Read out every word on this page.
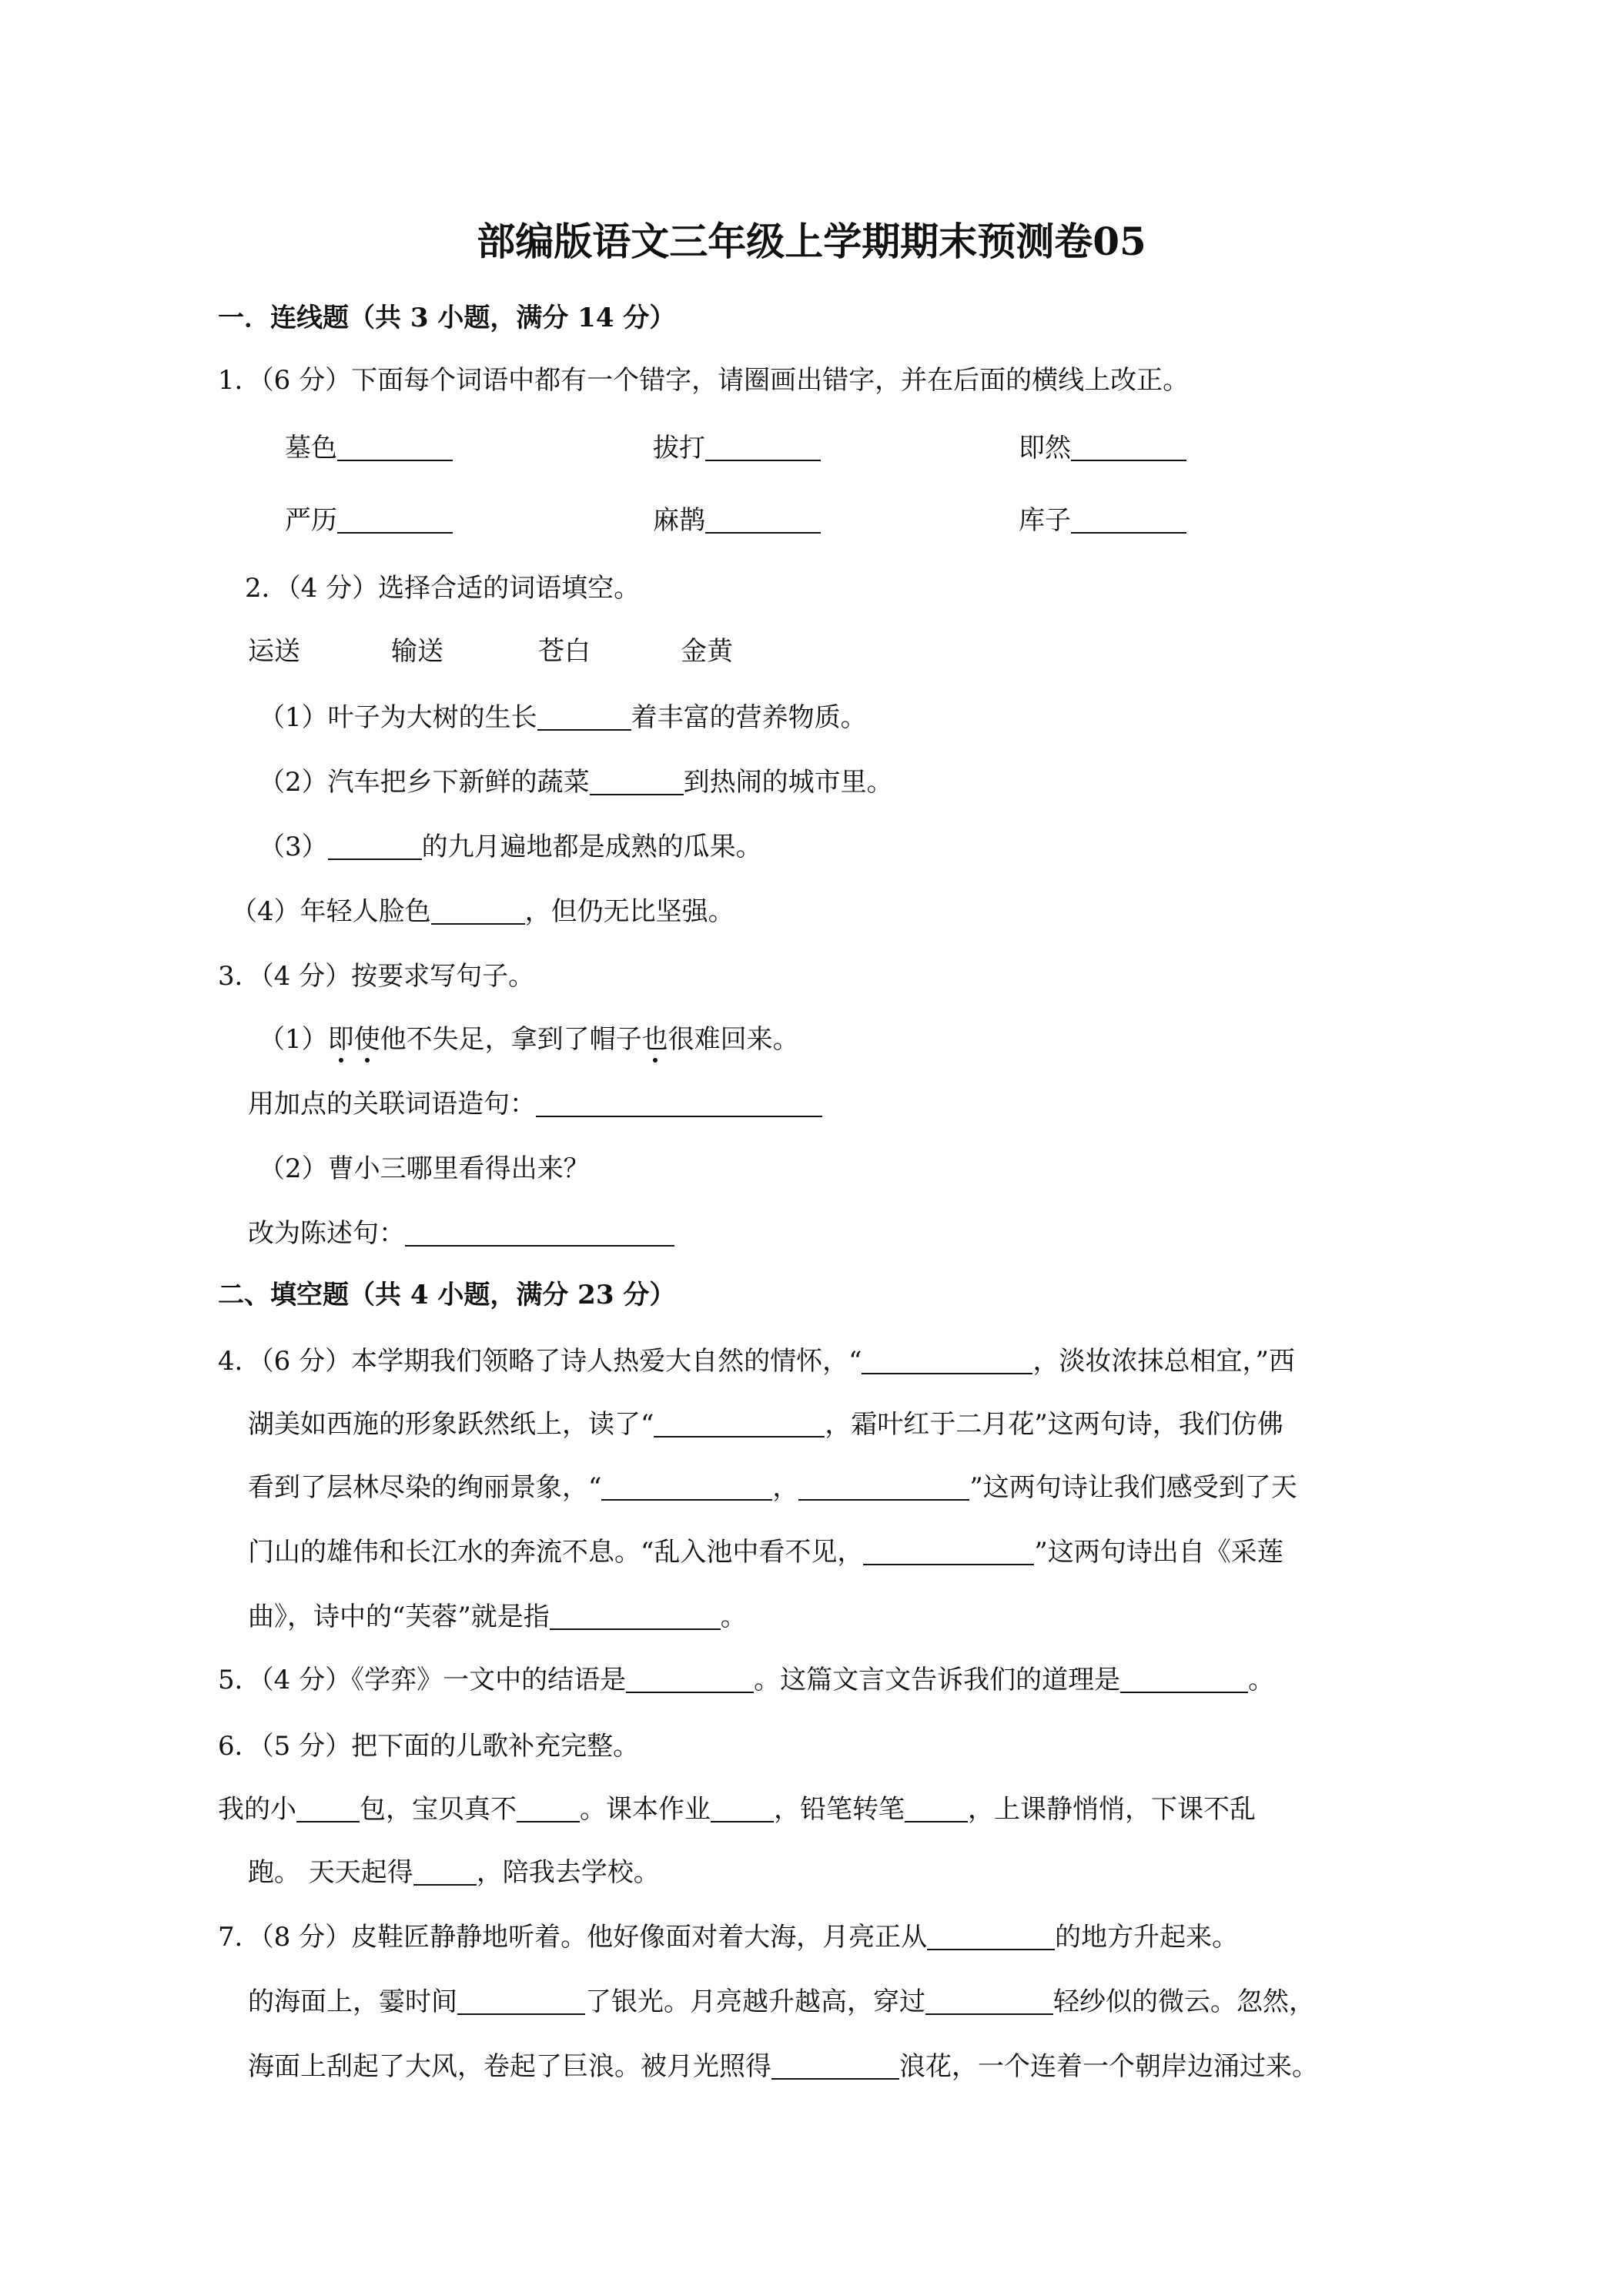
部编版语文三年级上学期期末预测卷05
一．连线题（共 3 小题，满分 14 分）
1．（6 分）下面每个词语中都有一个错字，请圈画出错字，并在后面的横线上改正。
墓色	拔打	即然
严历	麻鹊	库子
2．（4 分）选择合适的词语填空。
运送	输送	苍白	金黄
（1）叶子为大树的生长	着丰富的营养物质。
（2）汽车把乡下新鲜的蔬菜	到热闹的城市里。
（3）	的九月遍地都是成熟的瓜果。
（4）年轻人脸色	，但仍无比坚强。
3．（4 分）按要求写句子。
（1）即使他不失足，拿到了帽子也很难回来。
用加点的关联词语造句：
（2）曹小三哪里看得出来？
改为陈述句：
二、填空题（共 4 小题，满分 23 分）
4．（6 分）本学期我们领略了诗人热爱大自然的情怀，“	，淡妆浓抹总相宜，”西
湖美如西施的形象跃然纸上，读了“	，霜叶红于二月花”这两句诗，我们仿佛
看到了层林尽染的绚丽景象，“	，	”这两句诗让我们感受到了天
门山的雄伟和长江水的奔流不息。“乱入池中看不见，	”这两句诗出自《采莲
曲》，诗中的“芙蓉”就是指	。
5．（4 分）《学弈》一文中的结语是	。这篇文言文告诉我们的道理是	。
6．（5 分）把下面的儿歌补充完整。
我的小 包，宝贝真不 。课本作业 ，铅笔转笔 ，上课静悄悄，下课不乱
跑。 天天起得 ，陪我去学校。
7．（8 分）皮鞋匠静静地听着。他好像面对着大海，月亮正从	的地方升起来。
的海面上，霎时间	了银光。月亮越升越高，穿过	轻纱似的微云。忽然，
海面上刮起了大风，卷起了巨浪。被月光照得	浪花，一个连着一个朝岸边涌过来。
